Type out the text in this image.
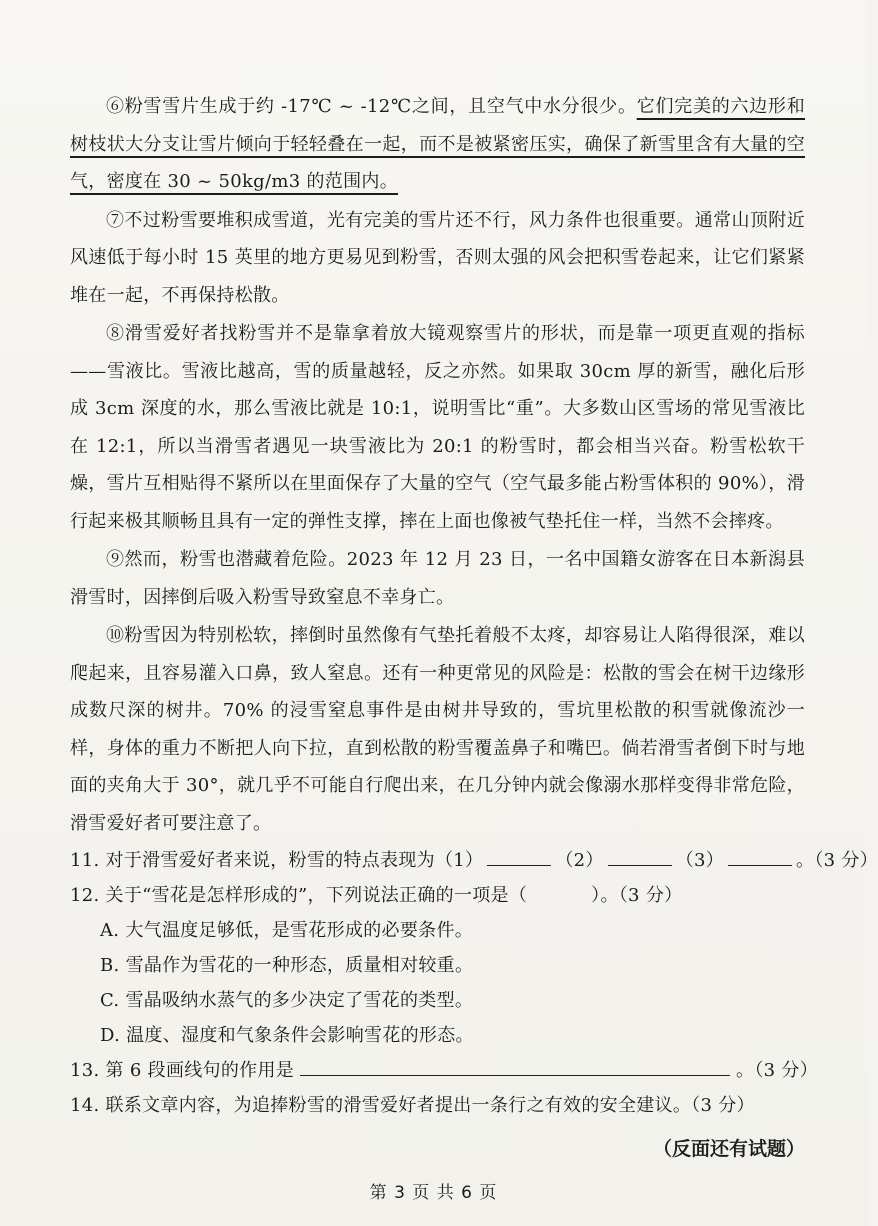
⑥粉雪雪片生成于约 -17℃ ~ -12℃之间，且空气中水分很少。它们完美的六边形和树枝状大分支让雪片倾向于轻轻叠在一起，而不是被紧密压实，确保了新雪里含有大量的空气，密度在 30 ~ 50kg/m3 的范围内。

⑦不过粉雪要堆积成雪道，光有完美的雪片还不行，风力条件也很重要。通常山顶附近风速低于每小时 15 英里的地方更易见到粉雪，否则太强的风会把积雪卷起来，让它们紧紧堆在一起，不再保持松散。

⑧滑雪爱好者找粉雪并不是靠拿着放大镜观察雪片的形状，而是靠一项更直观的指标——雪液比。雪液比越高，雪的质量越轻，反之亦然。如果取 30cm 厚的新雪，融化后形成 3cm 深度的水，那么雪液比就是 10:1，说明雪比“重”。大多数山区雪场的常见雪液比在 12:1，所以当滑雪者遇见一块雪液比为 20:1 的粉雪时，都会相当兴奋。粉雪松软干燥，雪片互相贴得不紧所以在里面保存了大量的空气（空气最多能占粉雪体积的 90%），滑行起来极其顺畅且具有一定的弹性支撑，摔在上面也像被气垫托住一样，当然不会摔疼。

⑨然而，粉雪也潜藏着危险。2023 年 12 月 23 日，一名中国籍女游客在日本新潟县滑雪时，因摔倒后吸入粉雪导致窒息不幸身亡。

⑩粉雪因为特别松软，摔倒时虽然像有气垫托着般不太疼，却容易让人陷得很深，难以爬起来，且容易灌入口鼻，致人窒息。还有一种更常见的风险是：松散的雪会在树干边缘形成数尺深的树井。70% 的浸雪窒息事件是由树井导致的，雪坑里松散的积雪就像流沙一样，身体的重力不断把人向下拉，直到松散的粉雪覆盖鼻子和嘴巴。倘若滑雪者倒下时与地面的夹角大于 30°，就几乎不可能自行爬出来，在几分钟内就会像溺水那样变得非常危险，滑雪爱好者可要注意了。

11. 对于滑雪爱好者来说，粉雪的特点表现为（1）	（2）	（3）	。（3 分）

12. 关于“雪花是怎样形成的”，下列说法正确的一项是（	）。（3 分）

A. 大气温度足够低，是雪花形成的必要条件。

B. 雪晶作为雪花的一种形态，质量相对较重。

C. 雪晶吸纳水蒸气的多少决定了雪花的类型。

D. 温度、湿度和气象条件会影响雪花的形态。

13. 第 6 段画线句的作用是	。（3 分）

14. 联系文章内容，为追捧粉雪的滑雪爱好者提出一条行之有效的安全建议。（3 分）

（反面还有试题）
第 3 页 共 6 页
